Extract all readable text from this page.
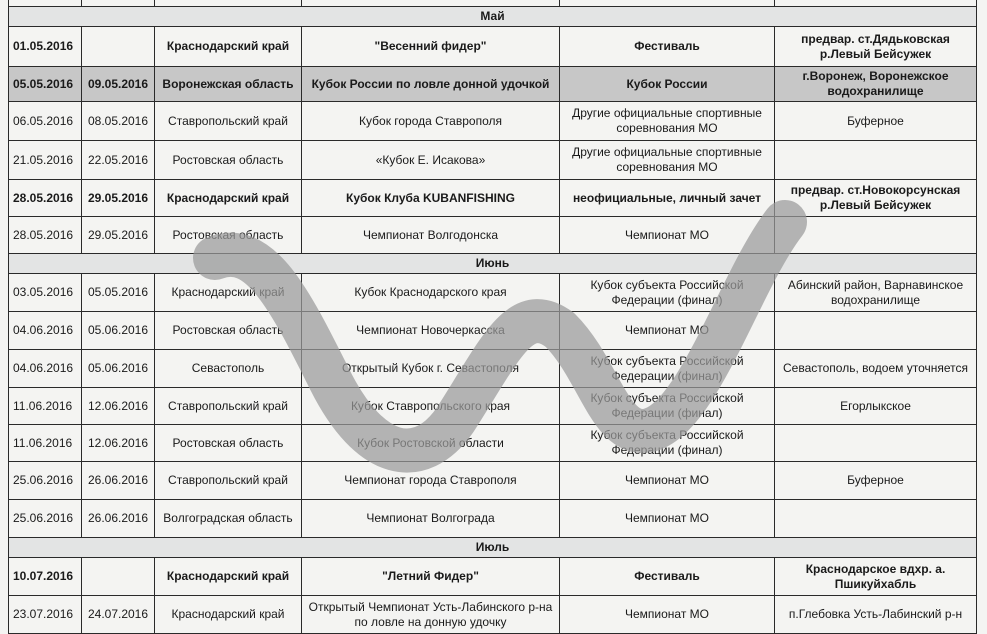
Май					
01.05.2016		Краснодарский край	"Весенний фидер"	Фестиваль	предвар. ст.Дядьковская р.Левый Бейсужек
05.05.2016	09.05.2016	Воронежская область	Кубок России по ловле донной удочкой	Кубок России	г.Воронеж, Воронежское водохранилище
06.05.2016	08.05.2016	Ставропольский край	Кубок города Ставрополя	Другие официальные спортивные соревнования МО	Буферное
21.05.2016	22.05.2016	Ростовская область	«Кубок Е. Исакова»	Другие официальные спортивные соревнования МО	
28.05.2016	29.05.2016	Краснодарский край	Кубок Клуба KUBANFISHING	неофициальные, личный зачет	предвар. ст.Новокорсунская р.Левый Бейсужек
28.05.2016	29.05.2016	Ростовская область	Чемпионат Волгодонска	Чемпионат МО	
Июнь					
03.05.2016	05.05.2016	Краснодарский край	Кубок Краснодарского края	Кубок субъекта Российской Федерации (финал)	Абинский район, Варнавинское водохранилище
04.06.2016	05.06.2016	Ростовская область	Чемпионат Новочеркасска	Чемпионат МО	
04.06.2016	05.06.2016	Севастополь	Открытый Кубок г. Севастополя	Кубок субъекта Российской Федерации (финал)	Севастополь, водоем уточняется
11.06.2016	12.06.2016	Ставропольский край	Кубок Ставропольского края	Кубок субъекта Российской Федерации (финал)	Егорлыкское
11.06.2016	12.06.2016	Ростовская область	Кубок Ростовской области	Кубок субъекта Российской Федерации (финал)	
25.06.2016	26.06.2016	Ставропольский край	Чемпионат города Ставрополя	Чемпионат МО	Буферное
25.06.2016	26.06.2016	Волгоградская область	Чемпионат Волгограда	Чемпионат МО	
Июль					
10.07.2016		Краснодарский край	"Летний Фидер"	Фестиваль	Краснодарское вдхр. а. Пшикуйхабль
23.07.2016	24.07.2016	Краснодарский край	Открытый Чемпионат Усть-Лабинского р-на по ловле на донную удочку	Чемпионат МО	п.Глебовка Усть-Лабинский р-н
